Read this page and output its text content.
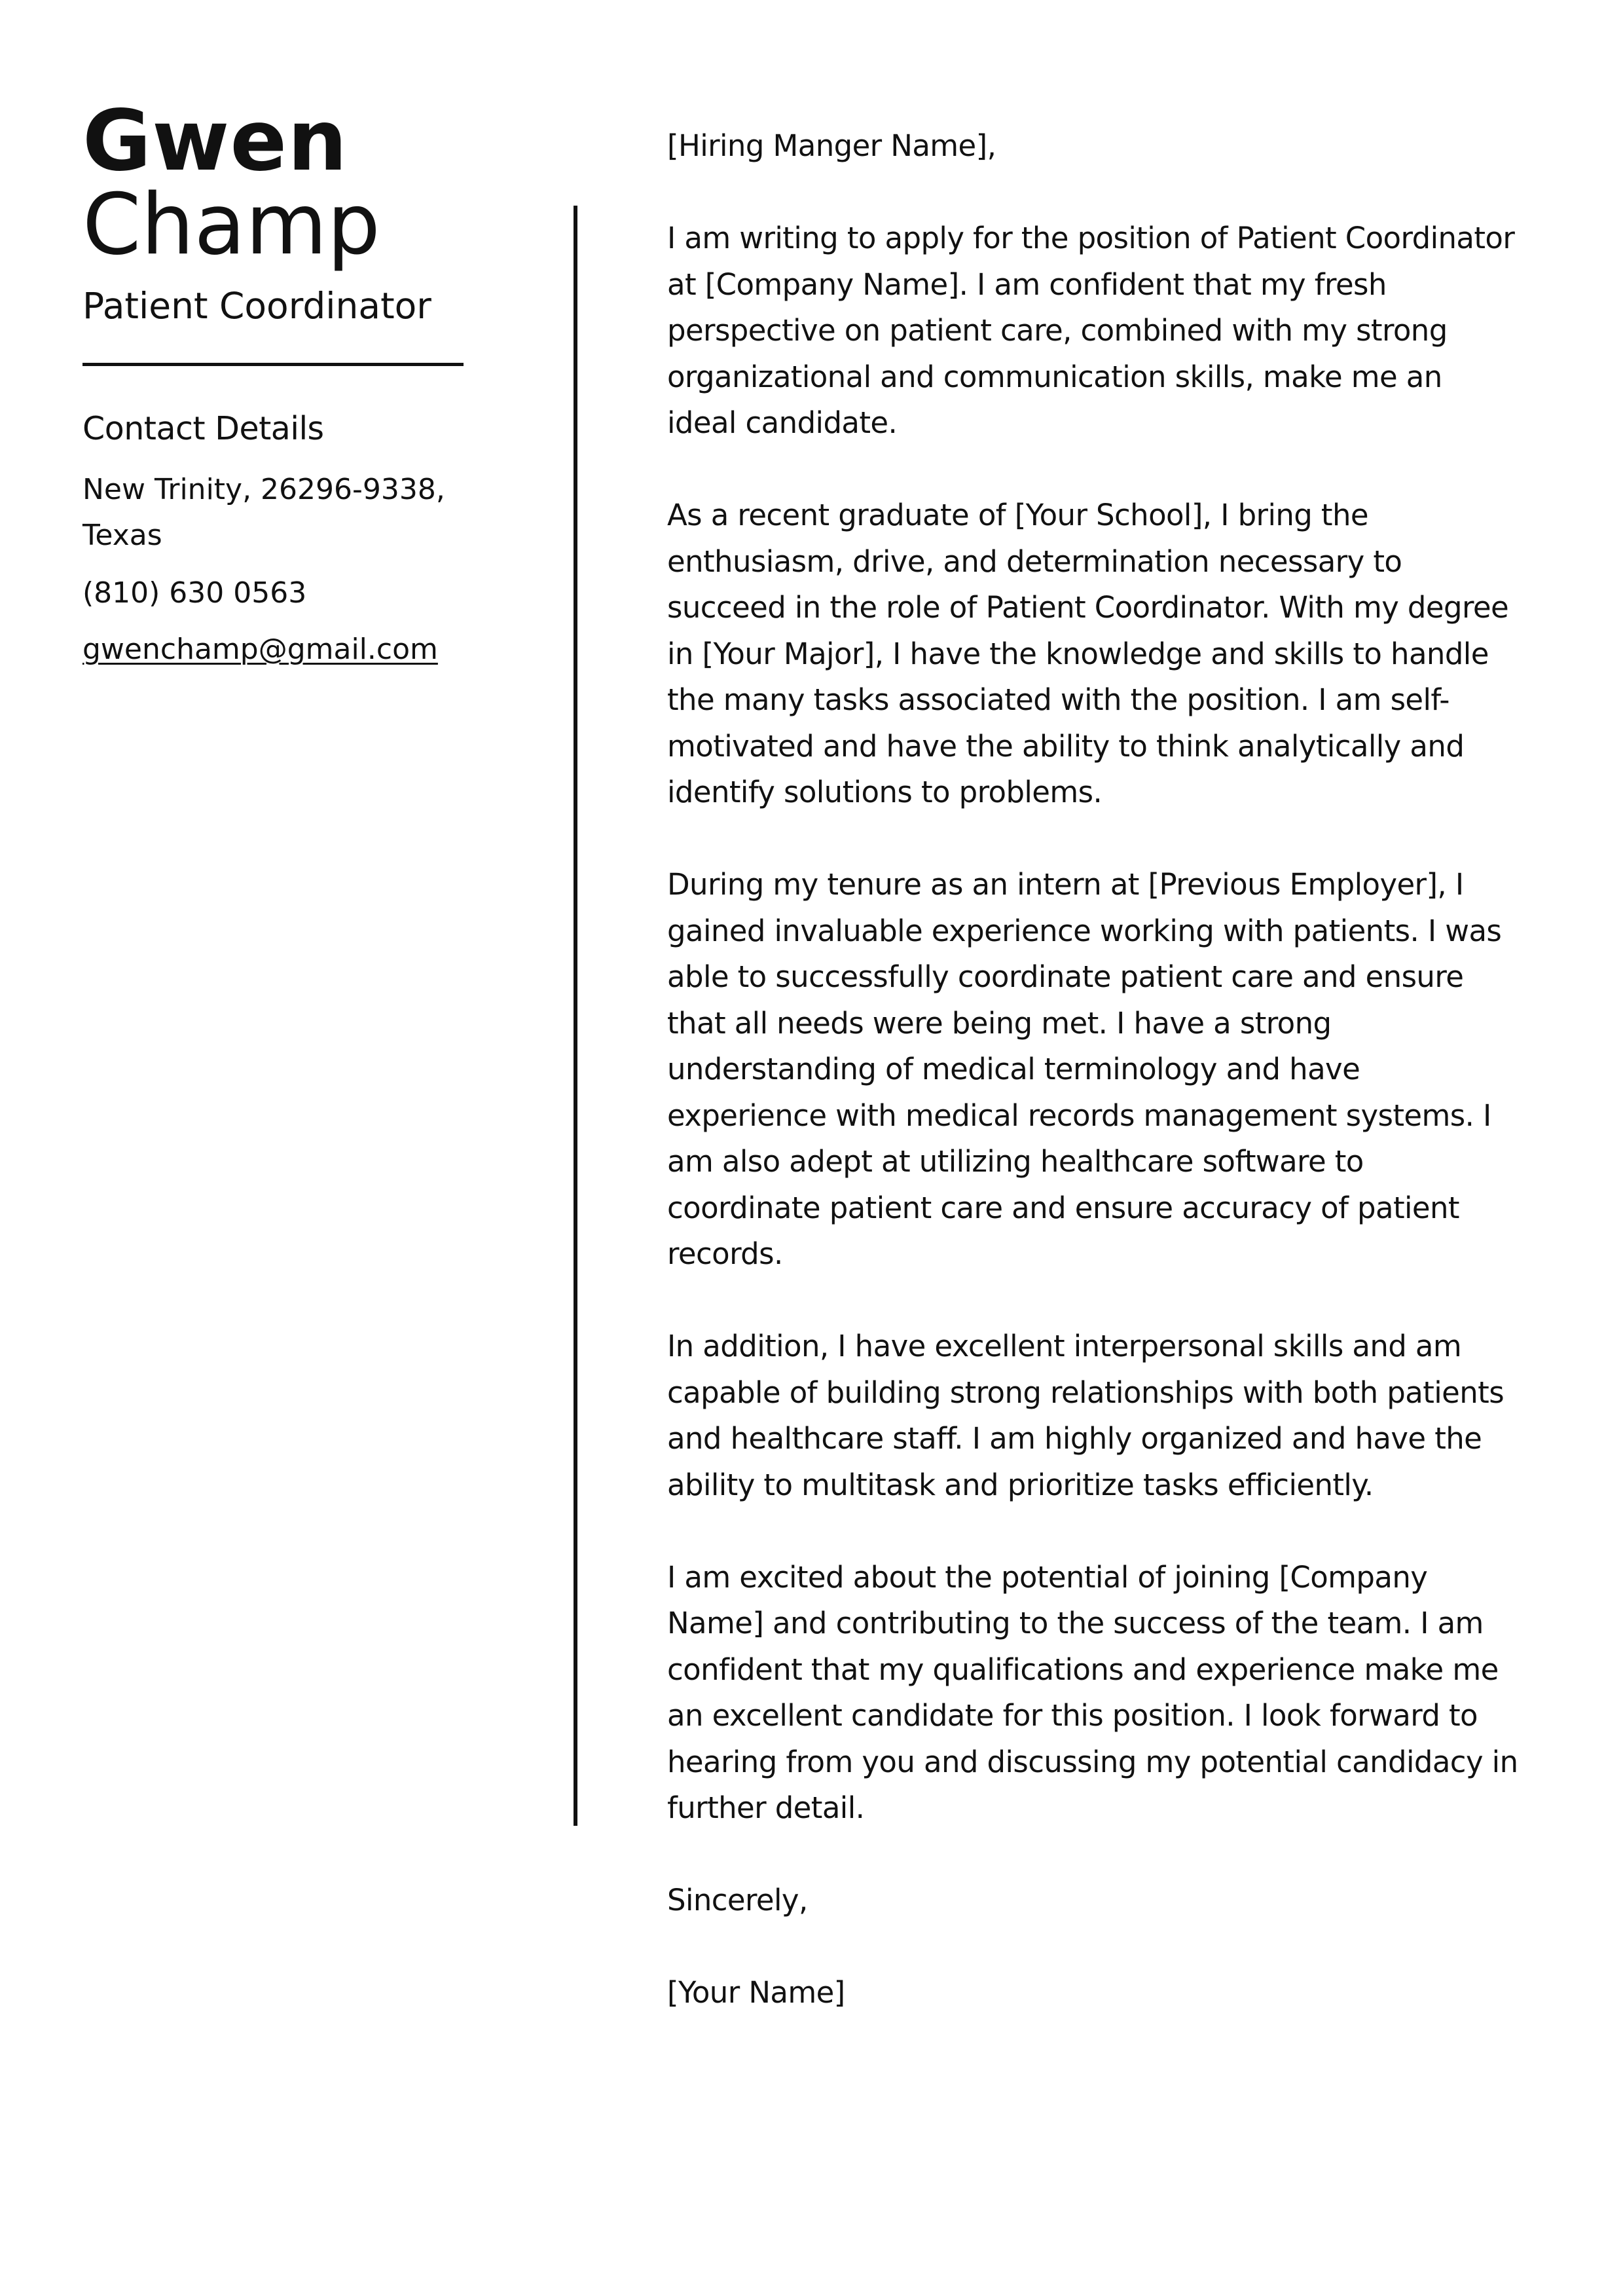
Gwen
Champ
Patient Coordinator
Contact Details
New Trinity, 26296-9338, Texas
(810) 630 0563
gwenchamp@gmail.com

[Hiring Manger Name],

I am writing to apply for the position of Patient Coordinator at [Company Name]. I am confident that my fresh perspective on patient care, combined with my strong organizational and communication skills, make me an ideal candidate.

As a recent graduate of [Your School], I bring the enthusiasm, drive, and determination necessary to succeed in the role of Patient Coordinator. With my degree in [Your Major], I have the knowledge and skills to handle the many tasks associated with the position. I am self-motivated and have the ability to think analytically and identify solutions to problems.

During my tenure as an intern at [Previous Employer], I gained invaluable experience working with patients. I was able to successfully coordinate patient care and ensure that all needs were being met. I have a strong understanding of medical terminology and have experience with medical records management systems. I am also adept at utilizing healthcare software to coordinate patient care and ensure accuracy of patient records.

In addition, I have excellent interpersonal skills and am capable of building strong relationships with both patients and healthcare staff. I am highly organized and have the ability to multitask and prioritize tasks efficiently.

I am excited about the potential of joining [Company Name] and contributing to the success of the team. I am confident that my qualifications and experience make me an excellent candidate for this position. I look forward to hearing from you and discussing my potential candidacy in further detail.

Sincerely,

[Your Name]
